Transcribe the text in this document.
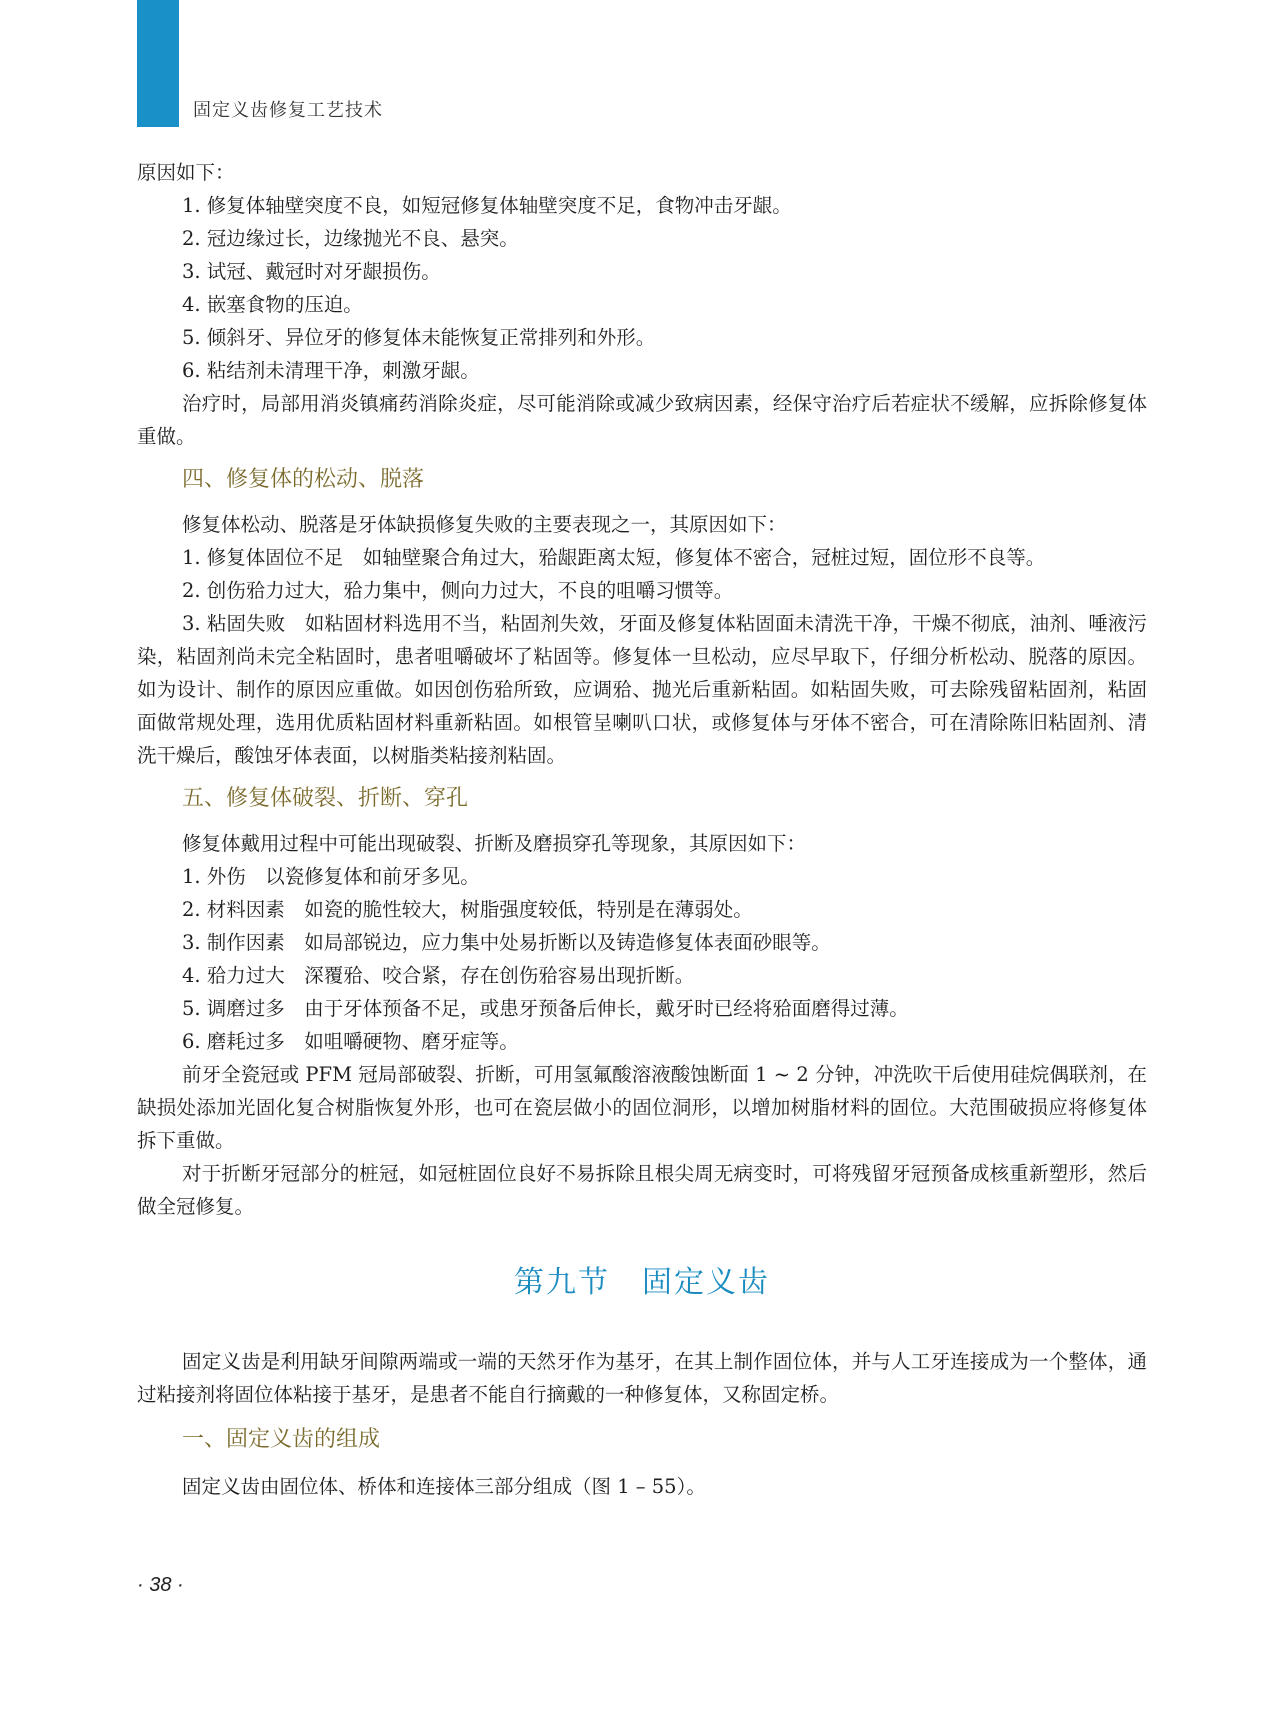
固定义齿修复工艺技术

原因如下：

1. 修复体轴壁突度不良，如短冠修复体轴壁突度不足，食物冲击牙龈。

2. 冠边缘过长，边缘抛光不良、悬突。

3. 试冠、戴冠时对牙龈损伤。

4. 嵌塞食物的压迫。

5. 倾斜牙、异位牙的修复体未能恢复正常排列和外形。

6. 粘结剂未清理干净，刺激牙龈。

治疗时，局部用消炎镇痛药消除炎症，尽可能消除或减少致病因素，经保守治疗后若症状不缓解，应拆除修复体重做。

四、修复体的松动、脱落

修复体松动、脱落是牙体缺损修复失败的主要表现之一，其原因如下：

1. 修复体固位不足　如轴壁聚合角过大，𬌗龈距离太短，修复体不密合，冠桩过短，固位形不良等。

2. 创伤𬌗力过大，𬌗力集中，侧向力过大，不良的咀嚼习惯等。

3. 粘固失败　如粘固材料选用不当，粘固剂失效，牙面及修复体粘固面未清洗干净，干燥不彻底，油剂、唾液污染，粘固剂尚未完全粘固时，患者咀嚼破坏了粘固等。修复体一旦松动，应尽早取下，仔细分析松动、脱落的原因。如为设计、制作的原因应重做。如因创伤𬌗所致，应调𬌗、抛光后重新粘固。如粘固失败，可去除残留粘固剂，粘固面做常规处理，选用优质粘固材料重新粘固。如根管呈喇叭口状，或修复体与牙体不密合，可在清除陈旧粘固剂、清洗干燥后，酸蚀牙体表面，以树脂类粘接剂粘固。

五、修复体破裂、折断、穿孔

修复体戴用过程中可能出现破裂、折断及磨损穿孔等现象，其原因如下：

1. 外伤　以瓷修复体和前牙多见。

2. 材料因素　如瓷的脆性较大，树脂强度较低，特别是在薄弱处。

3. 制作因素　如局部锐边，应力集中处易折断以及铸造修复体表面砂眼等。

4. 𬌗力过大　深覆𬌗、咬合紧，存在创伤𬌗容易出现折断。

5. 调磨过多　由于牙体预备不足，或患牙预备后伸长，戴牙时已经将𬌗面磨得过薄。

6. 磨耗过多　如咀嚼硬物、磨牙症等。

前牙全瓷冠或 PFM 冠局部破裂、折断，可用氢氟酸溶液酸蚀断面 1 ~ 2 分钟，冲洗吹干后使用硅烷偶联剂，在缺损处添加光固化复合树脂恢复外形，也可在瓷层做小的固位洞形，以增加树脂材料的固位。大范围破损应将修复体拆下重做。

对于折断牙冠部分的桩冠，如冠桩固位良好不易拆除且根尖周无病变时，可将残留牙冠预备成核重新塑形，然后做全冠修复。

第九节　固定义齿

固定义齿是利用缺牙间隙两端或一端的天然牙作为基牙，在其上制作固位体，并与人工牙连接成为一个整体，通过粘接剂将固位体粘接于基牙，是患者不能自行摘戴的一种修复体，又称固定桥。

一、固定义齿的组成

固定义齿由固位体、桥体和连接体三部分组成（图 1 – 55）。

· 38 ·
